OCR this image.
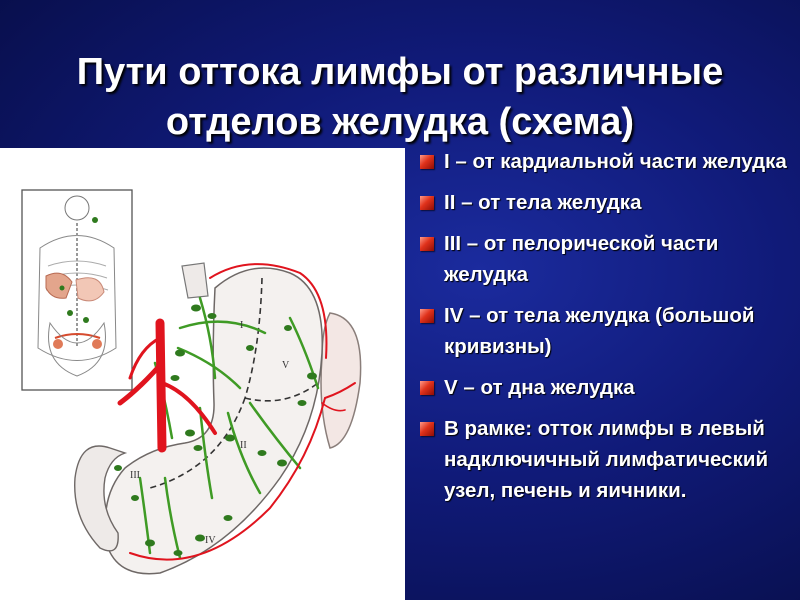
Пути оттока лимфы от различные
отделов желудка (схема)
I
II
III
IV
V
I – от кардиальной части желудка
II – от тела желудка
III – от пелорической части желудка
IV – от тела желудка (большой кривизны)
V – от дна желудка
В рамке: отток лимфы в левый надключичный лимфатический узел, печень и яичники.
